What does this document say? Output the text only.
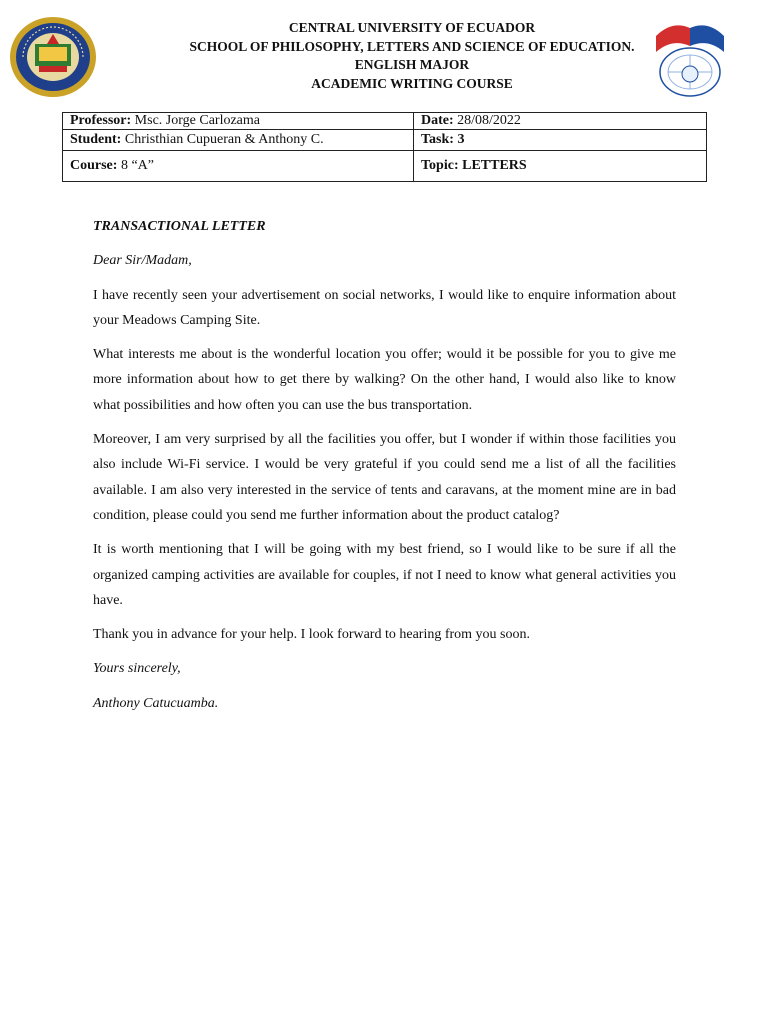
CENTRAL UNIVERSITY OF ECUADOR
SCHOOL OF PHILOSOPHY, LETTERS AND SCIENCE OF EDUCATION.
ENGLISH MAJOR
ACADEMIC WRITING COURSE
Professor: Msc. Jorge Carlozama	Date: 28/08/2022
Student: Christhian Cupueran & Anthony C.	Task: 3
Course: 8 “A”	Topic: LETTERS

TRANSACTIONAL LETTER

Dear Sir/Madam,

I have recently seen your advertisement on social networks, I would like to enquire information about your Meadows Camping Site.

What interests me about is the wonderful location you offer; would it be possible for you to give me more information about how to get there by walking? On the other hand, I would also like to know what possibilities and how often you can use the bus transportation.

Moreover, I am very surprised by all the facilities you offer, but I wonder if within those facilities you also include Wi-Fi service. I would be very grateful if you could send me a list of all the facilities available. I am also very interested in the service of tents and caravans, at the moment mine are in bad condition, please could you send me further information about the product catalog?

It is worth mentioning that I will be going with my best friend, so I would like to be sure if all the organized camping activities are available for couples, if not I need to know what general activities you have.

Thank you in advance for your help. I look forward to hearing from you soon.

Yours sincerely,

Anthony Catucuamba.
